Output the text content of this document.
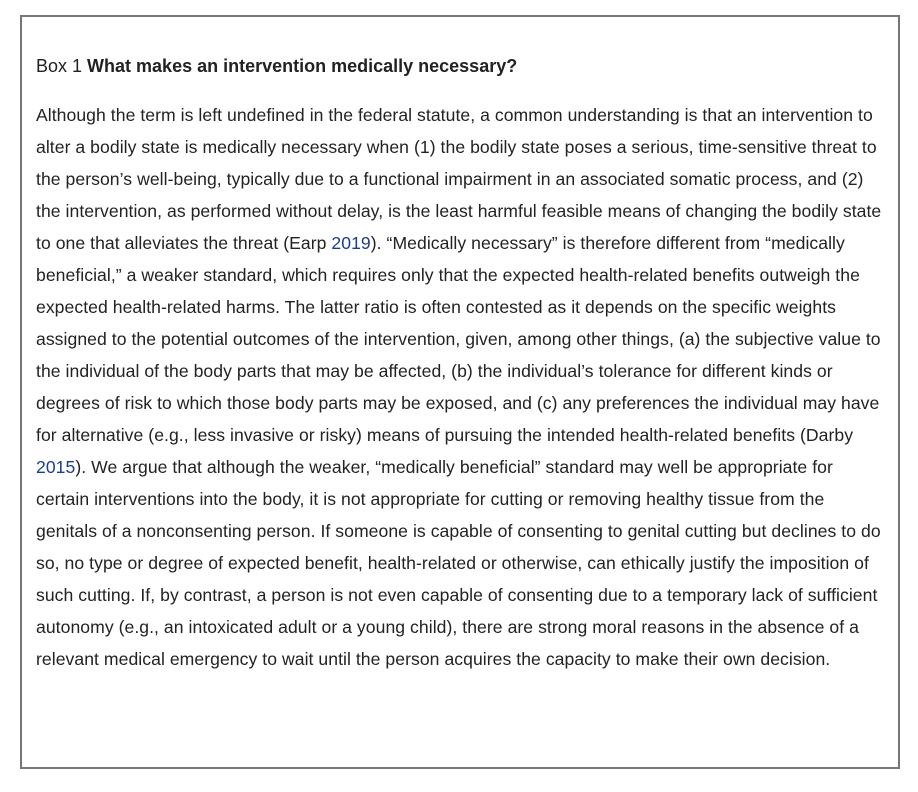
Box 1 What makes an intervention medically necessary?

Although the term is left undefined in the federal statute, a common understanding is that an intervention to alter a bodily state is medically necessary when (1) the bodily state poses a serious, time-sensitive threat to the person’s well-being, typically due to a functional impairment in an associated somatic process, and (2) the intervention, as performed without delay, is the least harmful feasible means of changing the bodily state to one that alleviates the threat (Earp 2019). “Medically necessary” is therefore different from “medically beneficial,” a weaker standard, which requires only that the expected health-related benefits outweigh the expected health-related harms. The latter ratio is often contested as it depends on the specific weights assigned to the potential outcomes of the intervention, given, among other things, (a) the subjective value to the individual of the body parts that may be affected, (b) the individual’s tolerance for different kinds or degrees of risk to which those body parts may be exposed, and (c) any preferences the individual may have for alternative (e.g., less invasive or risky) means of pursuing the intended health-related benefits (Darby 2015). We argue that although the weaker, “medically beneficial” standard may well be appropriate for certain interventions into the body, it is not appropriate for cutting or removing healthy tissue from the genitals of a nonconsenting person. If someone is capable of consenting to genital cutting but declines to do so, no type or degree of expected benefit, health-related or otherwise, can ethically justify the imposition of such cutting. If, by contrast, a person is not even capable of consenting due to a temporary lack of sufficient autonomy (e.g., an intoxicated adult or a young child), there are strong moral reasons in the absence of a relevant medical emergency to wait until the person acquires the capacity to make their own decision.
